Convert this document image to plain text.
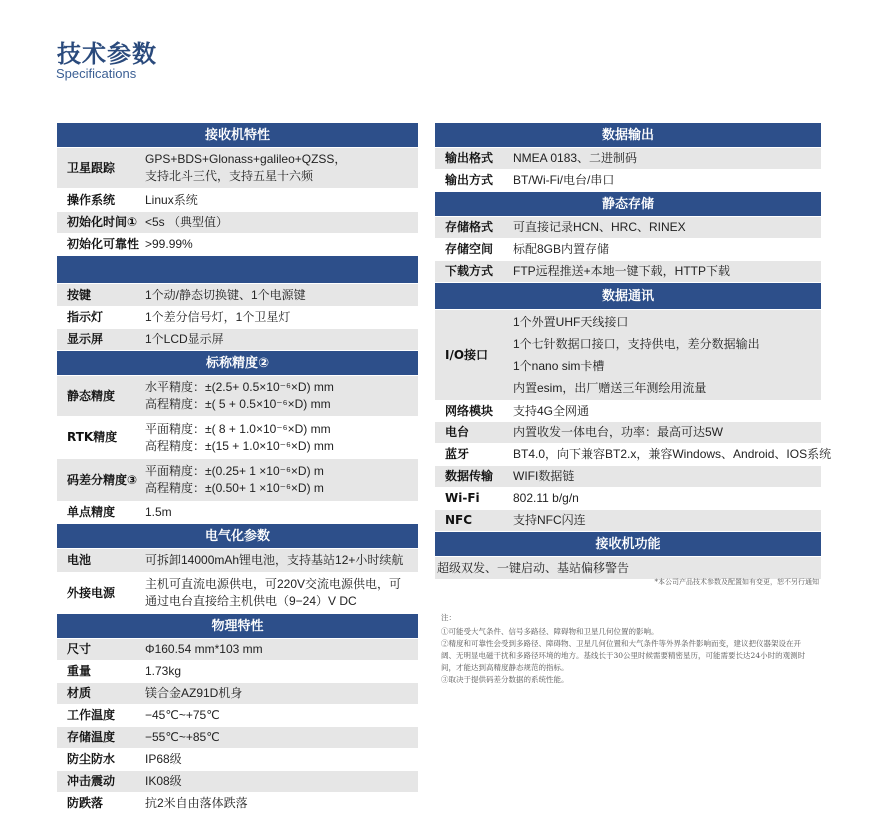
技术参数
Specifications
接收机特性	
卫星跟踪	GPS+BDS+Glonass+galileo+QZSS，
支持北斗三代，支持五星十六频

操作系统	Linux系统

初始化时间①	<5s （典型值）

初始化可靠性	>99.99%

按键	1个动/静态切换键、1个电源键

指示灯	1个差分信号灯，1个卫星灯

显示屏	1个LCD显示屏

标称精度②	
静态精度	水平精度：±(2.5+ 0.5×10⁻⁶×D) mm
高程精度：±( 5 + 0.5×10⁻⁶×D) mm

RTK精度	平面精度：±( 8 + 1.0×10⁻⁶×D) mm
高程精度：±(15 + 1.0×10⁻⁶×D) mm

码差分精度③	平面精度：±(0.25+ 1 ×10⁻⁶×D) m
高程精度：±(0.50+ 1 ×10⁻⁶×D) m

单点精度	1.5m

电气化参数	
电池	可拆卸14000mAh锂电池，支持基站12+小时续航

外接电源	主机可直流电源供电，可220V交流电源供电，可
通过电台直接给主机供电（9−24）V DC

物理特性	
尺寸	Φ160.54 mm*103 mm

重量	1.73kg

材质	镁合金AZ91D机身

工作温度	−45℃~+75℃

存储温度	−55℃~+85℃

防尘防水	IP68级

冲击震动	IK08级

防跌落	抗2米自由落体跌落
数据输出	
输出格式	NMEA 0183、二进制码

输出方式	BT/Wi-Fi/电台/串口

静态存储	
存储格式	可直接记录HCN、HRC、RINEX

存储空间	标配8GB内置存储

下载方式	FTP远程推送+本地一键下载，HTTP下载

数据通讯	
I/O接口	1个外置UHF天线接口
1个七针数据口接口，支持供电，差分数据输出
1个nano sim卡槽
内置esim，出厂赠送三年测绘用流量

网络模块	支持4G全网通

电台	内置收发一体电台，功率：最高可达5W

蓝牙	BT4.0，向下兼容BT2.x，兼容Windows、Android、IOS系统

数据传输	WIFI数据链

Wi-Fi	802.11 b/g/n

NFC	支持NFC闪连

接收机功能	
超级双发、一键启动、基站偏移警告	
*本公司产品技术参数及配置如有变更，恕不另行通知
注：
①可能受大气条件、信号多路径、障碍物和卫星几何位置的影响。
②精度和可靠性会受到多路径、障碍物、卫星几何位置和大气条件等外界条件影响而变，建议把仪器架设在开
阔、无明显电磁干扰和多路径环境的地方。基线长于30公里时候需要精密星历，可能需要长达24小时的观测时
间，才能达到高精度静态规范的指标。
③取决于提供码差分数据的系统性能。
